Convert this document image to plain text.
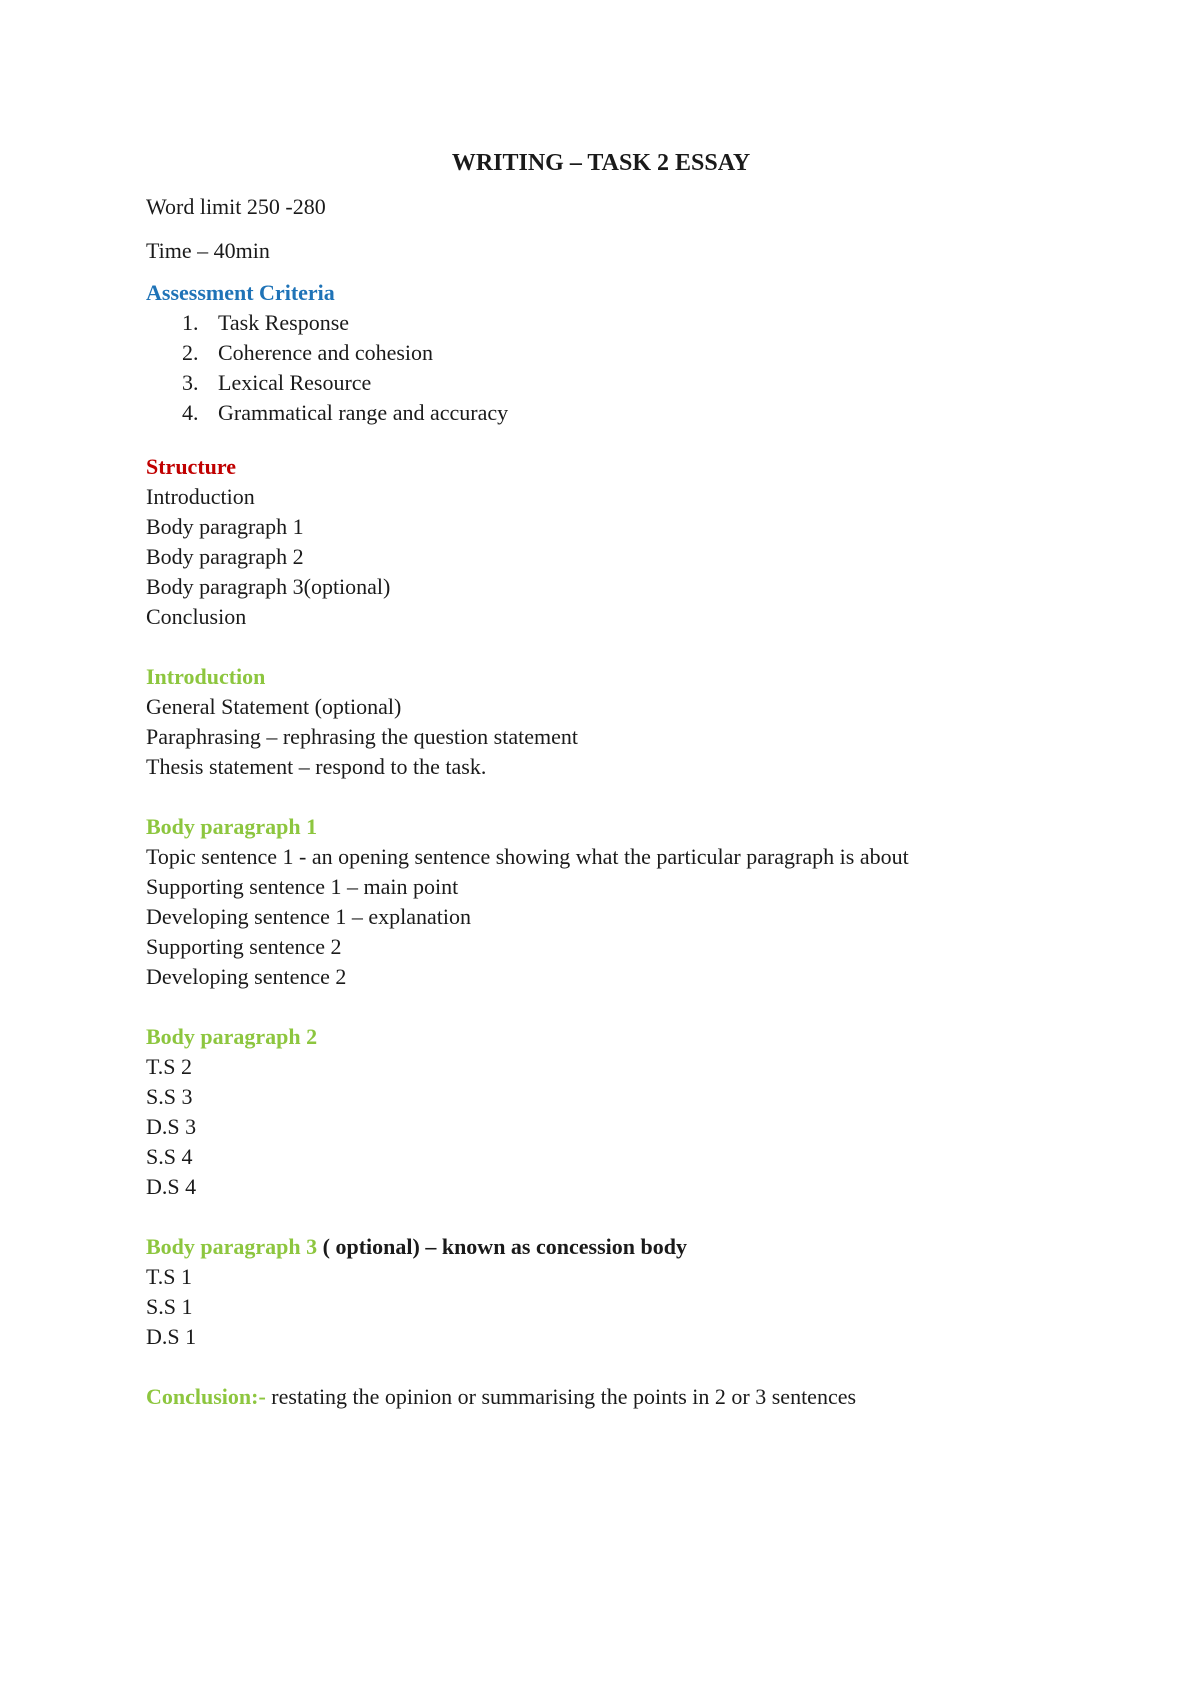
WRITING – TASK 2 ESSAY
Word limit 250 -280
Time – 40min
Assessment Criteria
1. Task Response
2. Coherence and cohesion
3. Lexical Resource
4. Grammatical range and accuracy
Structure
Introduction
Body paragraph 1
Body paragraph 2
Body paragraph 3(optional)
Conclusion
Introduction
General Statement (optional)
Paraphrasing – rephrasing the question statement
Thesis statement – respond to the task.
Body paragraph 1
Topic sentence 1 - an opening sentence showing what the particular paragraph is about
Supporting sentence 1 – main point
Developing sentence 1 – explanation
Supporting sentence 2
Developing sentence 2
Body paragraph 2
T.S 2
S.S 3
D.S 3
S.S 4
D.S 4
Body paragraph 3 ( optional) – known as concession body
T.S 1
S.S 1
D.S 1
Conclusion:- restating the opinion or summarising the points in 2 or 3 sentences
